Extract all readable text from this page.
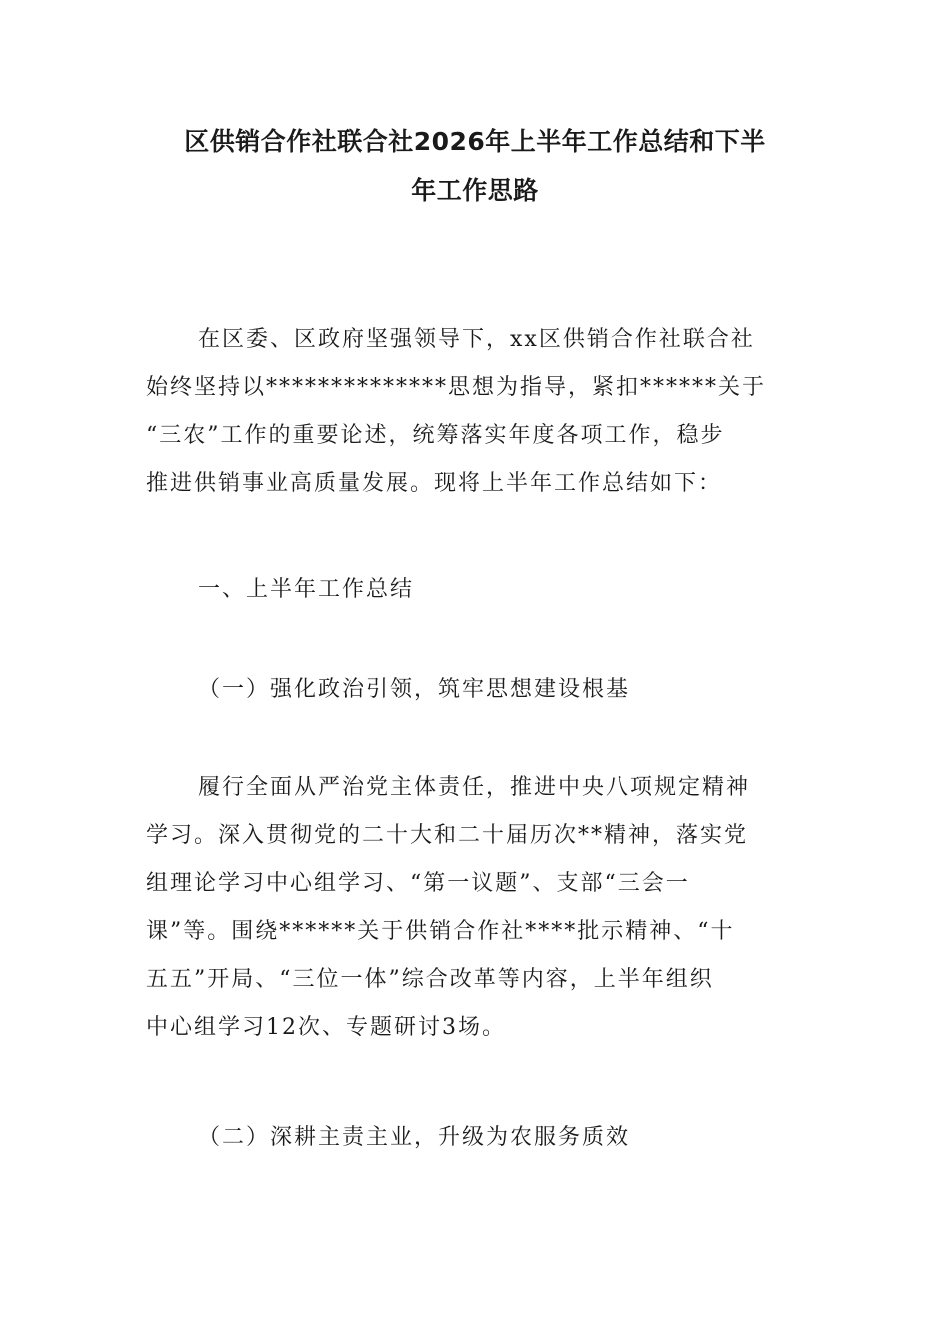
区供销合作社联合社2026年上半年工作总结和下半
年工作思路

在区委、区政府坚强领导下，xx区供销合作社联合社
始终坚持以**************思想为指导，紧扣******关于
“三农”工作的重要论述，统筹落实年度各项工作，稳步
推进供销事业高质量发展。现将上半年工作总结如下：

一、上半年工作总结

（一）强化政治引领，筑牢思想建设根基

履行全面从严治党主体责任，推进中央八项规定精神
学习。深入贯彻党的二十大和二十届历次**精神，落实党
组理论学习中心组学习、“第一议题”、支部“三会一
课”等。围绕******关于供销合作社****批示精神、“十
五五”开局、“三位一体”综合改革等内容，上半年组织
中心组学习12次、专题研讨3场。

（二）深耕主责主业，升级为农服务质效
